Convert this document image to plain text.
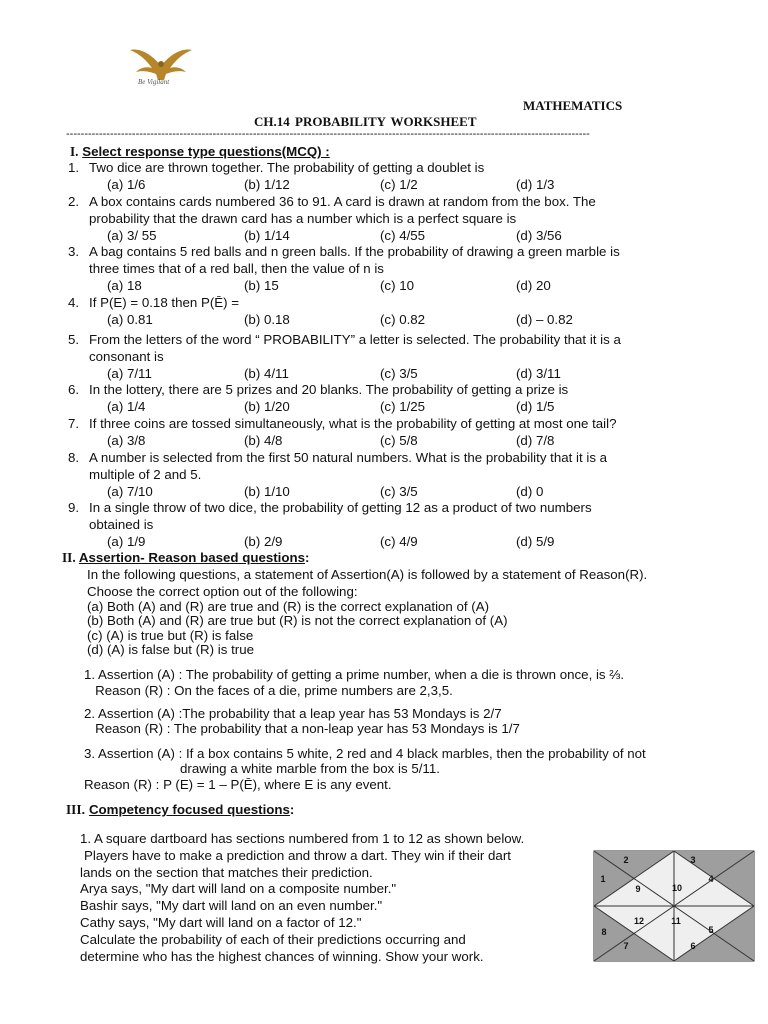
Be Vigilant
MATHEMATICS
CH.14 PROBABILITY WORKSHEET
-----------------------------------------------------------------------------------------------------------------------------------------------
I. Select response type questions(MCQ) :
1. Two dice are thrown together. The probability of getting a doublet is
(a) 1/6	(b) 1/12	(c) 1/2	(d) 1/3
2. A box contains cards numbered 36 to 91. A card is drawn at random from the box. The
probability that the drawn card has a number which is a perfect square is
(a) 3/ 55	(b) 1/14	(c) 4/55	(d) 3/56
3. A bag contains 5 red balls and n green balls. If the probability of drawing a green marble is
three times that of a red ball, then the value of n is
(a) 18	(b) 15	(c) 10	(d) 20
4. If P(E) = 0.18 then P(Ē) =
(a) 0.81	(b) 0.18	(c) 0.82	(d) – 0.82
5. From the letters of the word “ PROBABILITY” a letter is selected. The probability that it is a
consonant is
(a) 7/11	(b) 4/11	(c) 3/5	(d) 3/11
6. In the lottery, there are 5 prizes and 20 blanks. The probability of getting a prize is
(a) 1/4	(b) 1/20	(c) 1/25	(d) 1/5
7. If three coins are tossed simultaneously, what is the probability of getting at most one tail?
(a) 3/8	(b) 4/8	(c) 5/8	(d) 7/8
8. A number is selected from the first 50 natural numbers. What is the probability that it is a
multiple of 2 and 5.
(a) 7/10	(b) 1/10	(c) 3/5	(d) 0
9. In a single throw of two dice, the probability of getting 12 as a product of two numbers
obtained is
(a) 1/9	(b) 2/9	(c) 4/9	(d) 5/9
II. Assertion- Reason based questions:
In the following questions, a statement of Assertion(A) is followed by a statement of Reason(R).
Choose the correct option out of the following:
(a) Both (A) and (R) are true and (R) is the correct explanation of (A)
(b) Both (A) and (R) are true but (R) is not the correct explanation of (A)
(c) (A) is true but (R) is false
(d) (A) is false but (R) is true
1. Assertion (A) : The probability of getting a prime number, when a die is thrown once, is ⅔.
Reason (R) : On the faces of a die, prime numbers are 2,3,5.
2. Assertion (A) :The probability that a leap year has 53 Mondays is 2/7
Reason (R) : The probability that a non-leap year has 53 Mondays is 1/7
3. Assertion (A) : If a box contains 5 white, 2 red and 4 black marbles, then the probability of not
drawing a white marble from the box is 5/11.
Reason (R) : P (E) = 1 – P(Ē), where E is any event.
III. Competency focused questions:
1. A square dartboard has sections numbered from 1 to 12 as shown below.
Players have to make a prediction and throw a dart. They win if their dart
lands on the section that matches their prediction.
Arya says, "My dart will land on a composite number."
Bashir says, "My dart will land on an even number."
Cathy says, "My dart will land on a factor of 12."
Calculate the probability of each of their predictions occurring and
determine who has the highest chances of winning. Show your work.
1
2	3
4
5
6
7
8
9	10
11
12
